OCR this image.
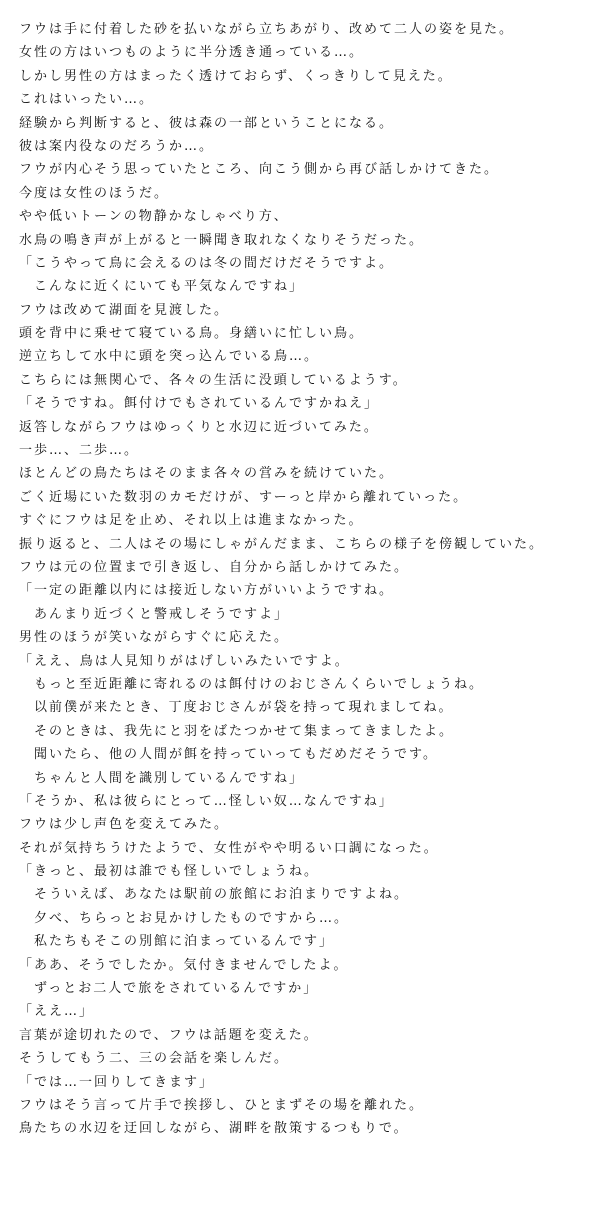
フウは手に付着した砂を払いながら立ちあがり、改めて二人の姿を見た。
女性の方はいつものように半分透き通っている…。
しかし男性の方はまったく透けておらず、くっきりして見えた。
これはいったい…。
経験から判断すると、彼は森の一部ということになる。
彼は案内役なのだろうか…。
フウが内心そう思っていたところ、向こう側から再び話しかけてきた。
今度は女性のほうだ。
やや低いトーンの物静かなしゃべり方、
水鳥の鳴き声が上がると一瞬聞き取れなくなりそうだった。
「こうやって鳥に会えるのは冬の間だけだそうですよ。
　こんなに近くにいても平気なんですね」
フウは改めて湖面を見渡した。
頭を背中に乗せて寝ている鳥。身繕いに忙しい鳥。
逆立ちして水中に頭を突っ込んでいる鳥…。
こちらには無関心で、各々の生活に没頭しているようす。
「そうですね。餌付けでもされているんですかねえ」
返答しながらフウはゆっくりと水辺に近づいてみた。
一歩…、二歩…。
ほとんどの鳥たちはそのまま各々の営みを続けていた。
ごく近場にいた数羽のカモだけが、すーっと岸から離れていった。
すぐにフウは足を止め、それ以上は進まなかった。
振り返ると、二人はその場にしゃがんだまま、こちらの様子を傍観していた。
フウは元の位置まで引き返し、自分から話しかけてみた。
「一定の距離以内には接近しない方がいいようですね。
　あんまり近づくと警戒しそうですよ」
男性のほうが笑いながらすぐに応えた。
「ええ、鳥は人見知りがはげしいみたいですよ。
　もっと至近距離に寄れるのは餌付けのおじさんくらいでしょうね。
　以前僕が来たとき、丁度おじさんが袋を持って現れましてね。
　そのときは、我先にと羽をばたつかせて集まってきましたよ。
　聞いたら、他の人間が餌を持っていってもだめだそうです。
　ちゃんと人間を識別しているんですね」
「そうか、私は彼らにとって…怪しい奴…なんですね」
フウは少し声色を変えてみた。
それが気持ちうけたようで、女性がやや明るい口調になった。
「きっと、最初は誰でも怪しいでしょうね。
　そういえば、あなたは駅前の旅館にお泊まりですよね。
　夕べ、ちらっとお見かけしたものですから…。
　私たちもそこの別館に泊まっているんです」
「ああ、そうでしたか。気付きませんでしたよ。
　ずっとお二人で旅をされているんですか」
「ええ…」
言葉が途切れたので、フウは話題を変えた。
そうしてもう二、三の会話を楽しんだ。
「では…一回りしてきます」
フウはそう言って片手で挨拶し、ひとまずその場を離れた。
鳥たちの水辺を迂回しながら、湖畔を散策するつもりで。
